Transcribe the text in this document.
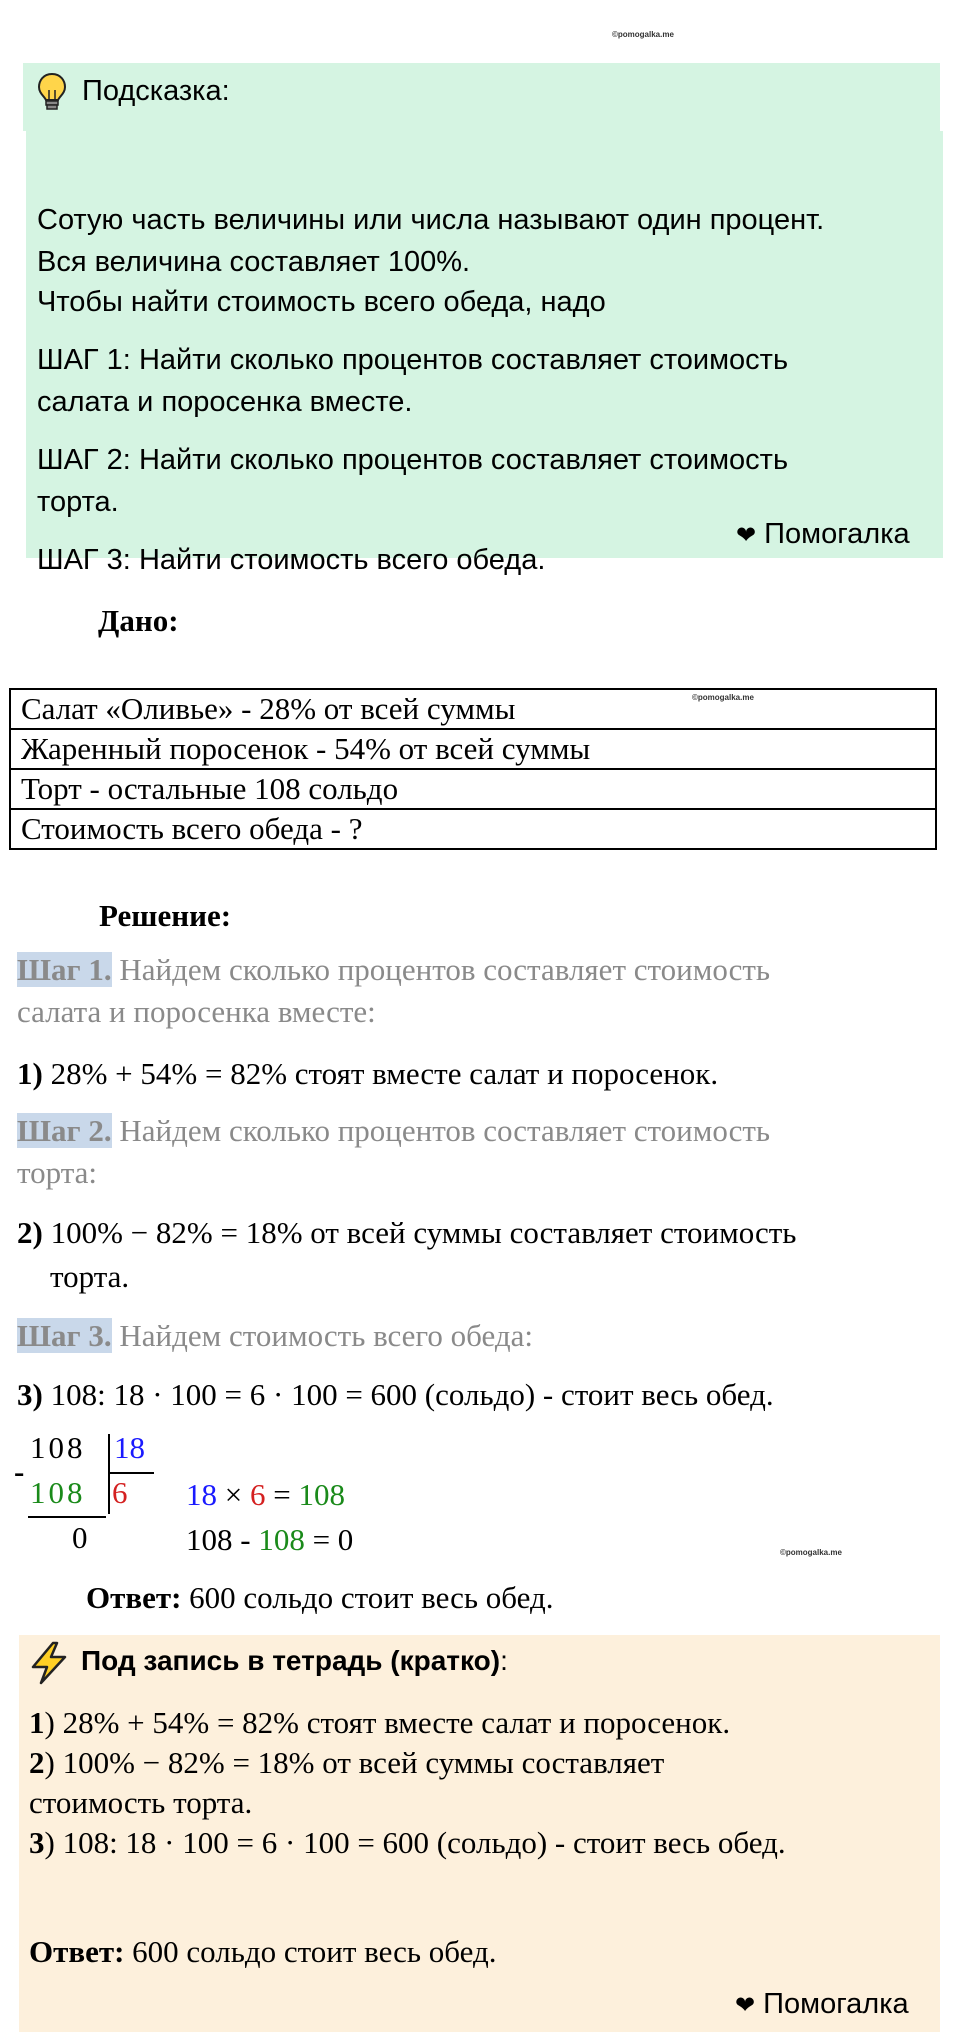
©pomogalka.me
Подсказка:
Сотую часть величины или числа называют один процент.
Вся величина составляет 100%.
Чтобы найти стоимость всего обеда, надо
ШАГ 1: Найти сколько процентов составляет стоимость
салата и поросенка вместе.
ШАГ 2: Найти сколько процентов составляет стоимость
торта.
ШАГ 3: Найти стоимость всего обеда.
❤ Помогалка
Дано:
Салат «Оливье» - 28% от всей суммы
Жаренный поросенок - 54% от всей суммы
Торт - остальные 108 сольдо
Стоимость всего обеда - ?
©pomogalka.me
Решение:
Шаг 1. Найдем сколько процентов составляет стоимость
салата и поросенка вместе:
1) 28% + 54% = 82% стоят вместе салат и поросенок.
Шаг 2. Найдем сколько процентов составляет стоимость
торта:
2) 100% − 82% = 18% от всей суммы составляет стоимость
торта.
Шаг 3. Найдем стоимость всего обеда:
3) 108: 18 · 100 = 6 · 100 = 600 (сольдо) - стоит весь обед.
108 18
-
108 6
0
18 × 6 = 108
108 - 108 = 0	©pomogalka.me
Ответ: 600 сольдо стоит весь обед.
Под запись в тетрадь (кратко):
1) 28% + 54% = 82% стоят вместе салат и поросенок.
2) 100% − 82% = 18% от всей суммы составляет
стоимость торта.
3) 108: 18 · 100 = 6 · 100 = 600 (сольдо) - стоит весь обед.
Ответ: 600 сольдо стоит весь обед.
❤ Помогалка
